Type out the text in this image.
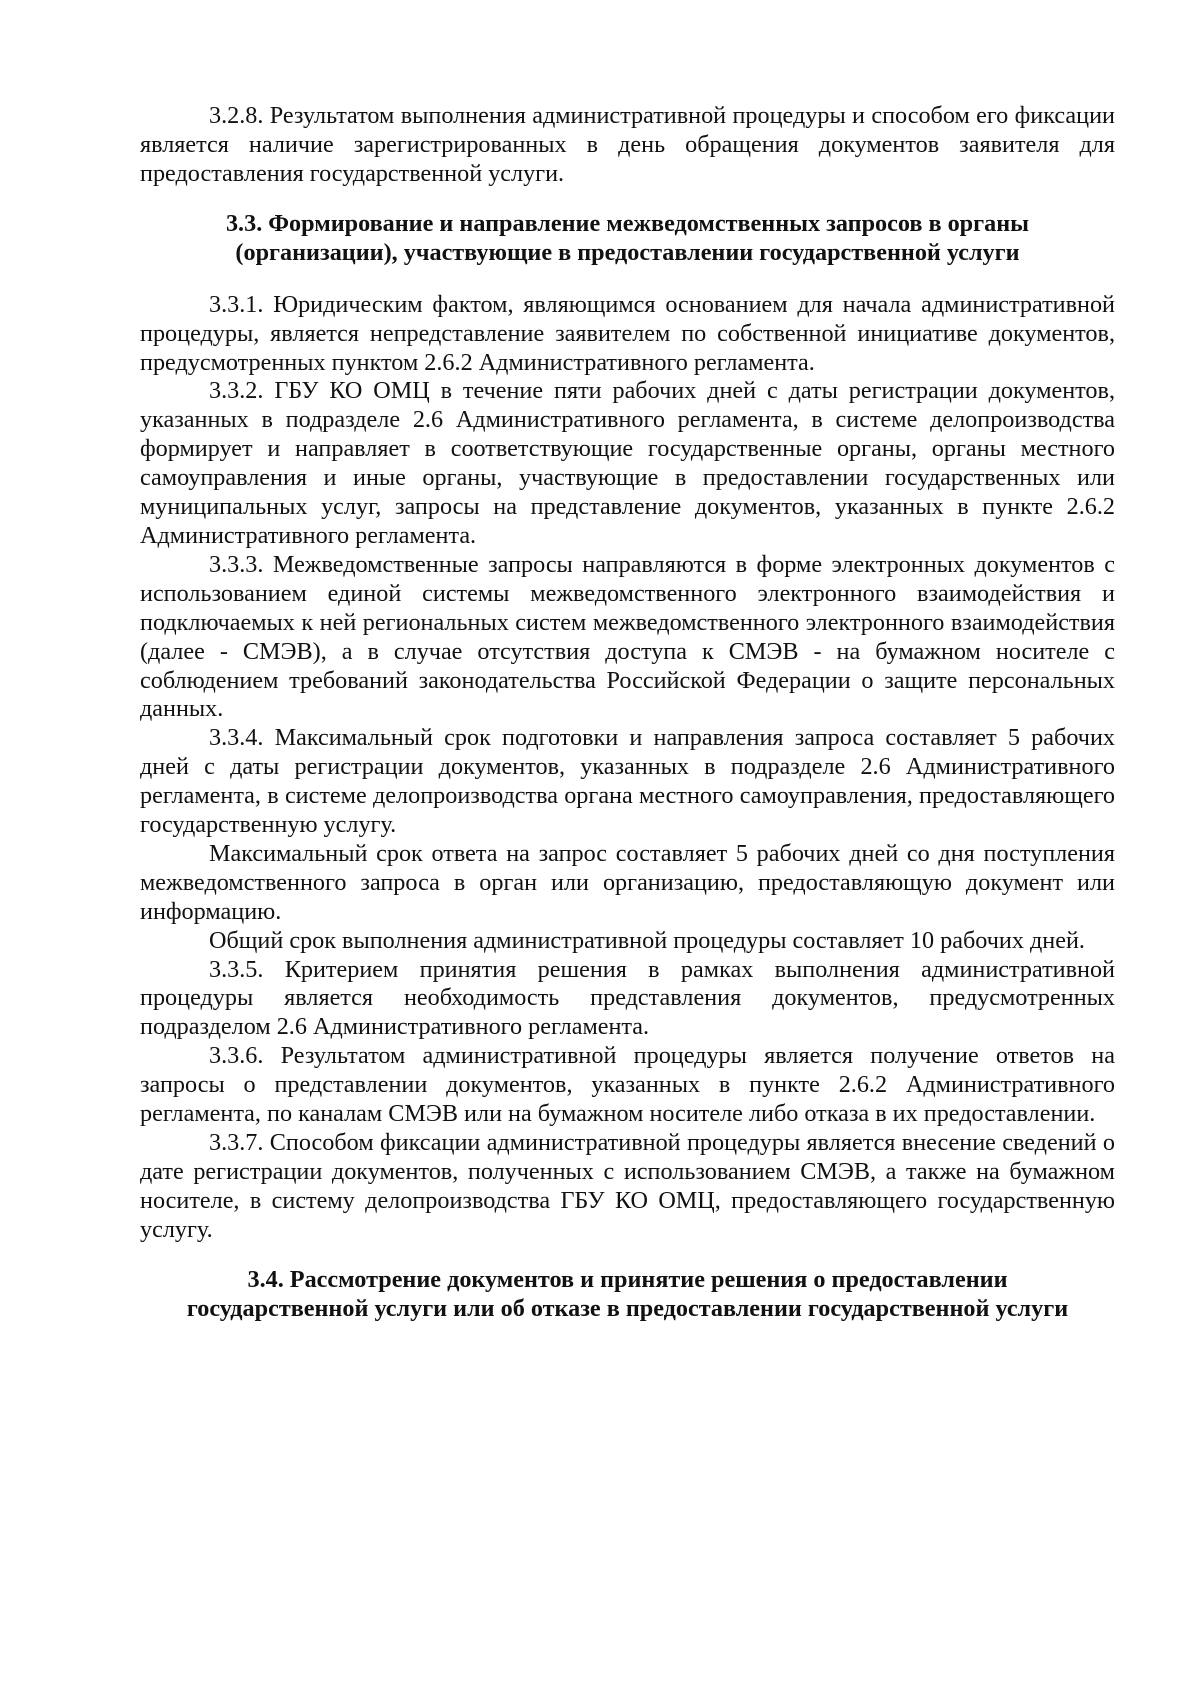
3.2.8. Результатом выполнения административной процедуры и способом его фиксации является наличие зарегистрированных в день обращения документов заявителя для предоставления государственной услуги.

3.3. Формирование и направление межведомственных запросов в органы
(организации), участвующие в предоставлении государственной услуги

3.3.1. Юридическим фактом, являющимся основанием для начала административной процедуры, является непредставление заявителем по собственной инициативе документов, предусмотренных пунктом 2.6.2 Административного регламента.

3.3.2. ГБУ КО ОМЦ в течение пяти рабочих дней с даты регистрации документов, указанных в подразделе 2.6 Административного регламента, в системе делопроизводства формирует и направляет в соответствующие государственные органы, органы местного самоуправления и иные органы, участвующие в предоставлении государственных или муниципальных услуг, запросы на представление документов, указанных в пункте 2.6.2 Административного регламента.

3.3.3. Межведомственные запросы направляются в форме электронных документов с использованием единой системы межведомственного электронного взаимодействия и подключаемых к ней региональных систем межведомственного электронного взаимодействия (далее - СМЭВ), а в случае отсутствия доступа к СМЭВ - на бумажном носителе с соблюдением требований законодательства Российской Федерации о защите персональных данных.

3.3.4. Максимальный срок подготовки и направления запроса составляет 5 рабочих дней с даты регистрации документов, указанных в подразделе 2.6 Административного регламента, в системе делопроизводства органа местного самоуправления, предоставляющего государственную услугу.

Максимальный срок ответа на запрос составляет 5 рабочих дней со дня поступления межведомственного запроса в орган или организацию, предоставляющую документ или информацию.

Общий срок выполнения административной процедуры составляет 10 рабочих дней.

3.3.5. Критерием принятия решения в рамках выполнения административной процедуры является необходимость представления документов, предусмотренных подразделом 2.6 Административного регламента.

3.3.6. Результатом административной процедуры является получение ответов на запросы о представлении документов, указанных в пункте 2.6.2 Административного регламента, по каналам СМЭВ или на бумажном носителе либо отказа в их предоставлении.

3.3.7. Способом фиксации административной процедуры является внесение сведений о дате регистрации документов, полученных с использованием СМЭВ, а также на бумажном носителе, в систему делопроизводства ГБУ КО ОМЦ, предоставляющего государственную услугу.

3.4. Рассмотрение документов и принятие решения о предоставлении
государственной услуги или об отказе в предоставлении государственной услуги
